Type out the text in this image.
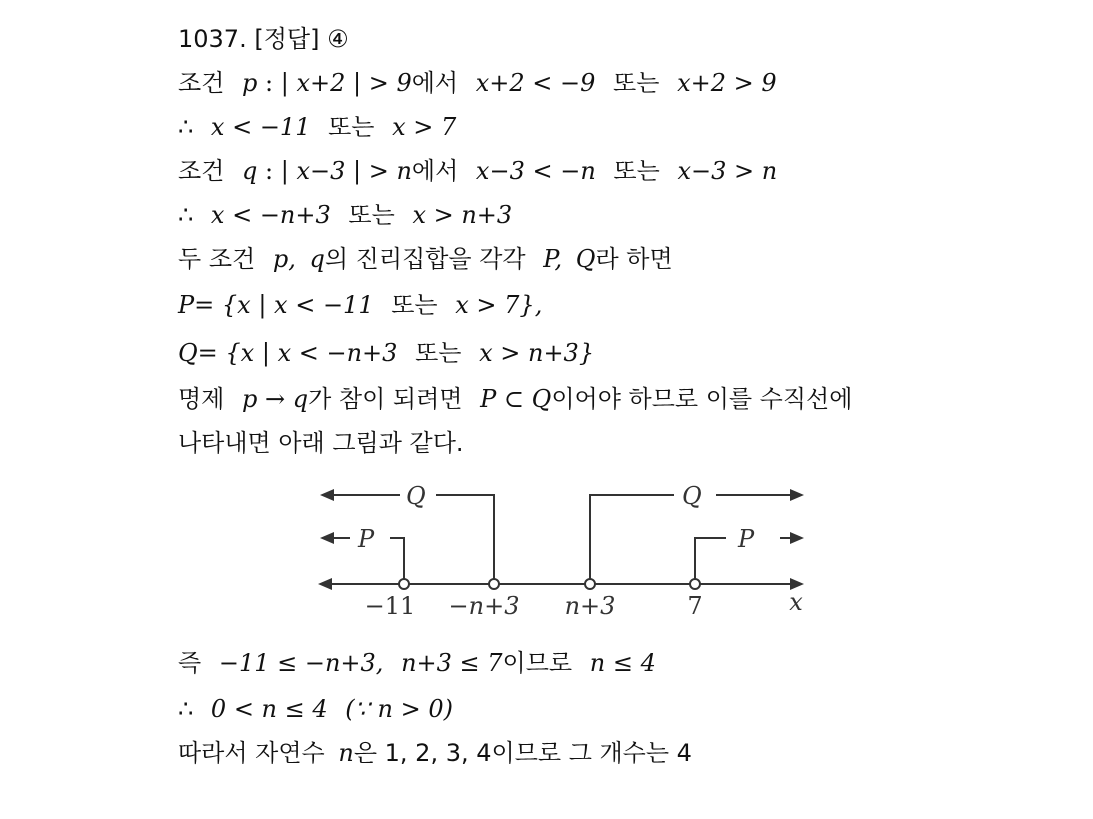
1037. [정답] ④
조건 p : | x+2 | > 9에서 x+2 < −9 또는 x+2 > 9
∴ x < −11 또는 x > 7
조건 q : | x−3 | > n에서 x−3 < −n 또는 x−3 > n
∴ x < −n+3 또는 x > n+3
두 조건 p, q의 진리집합을 각각 P, Q라 하면
P= {x | x < −11 또는 x > 7},
Q= {x | x < −n+3 또는 x > n+3}
명제 p → q가 참이 되려면 P ⊂ Q이어야 하므로 이를 수직선에
나타내면 아래 그림과 같다.
Q	Q
P	P
−11 −n+3 n+3	7	x
즉 −11 ≤ −n+3, n+3 ≤ 7이므로 n ≤ 4
∴ 0 < n ≤ 4 (∵ n > 0)
따라서 자연수 n은 1, 2, 3, 4이므로 그 개수는 4
